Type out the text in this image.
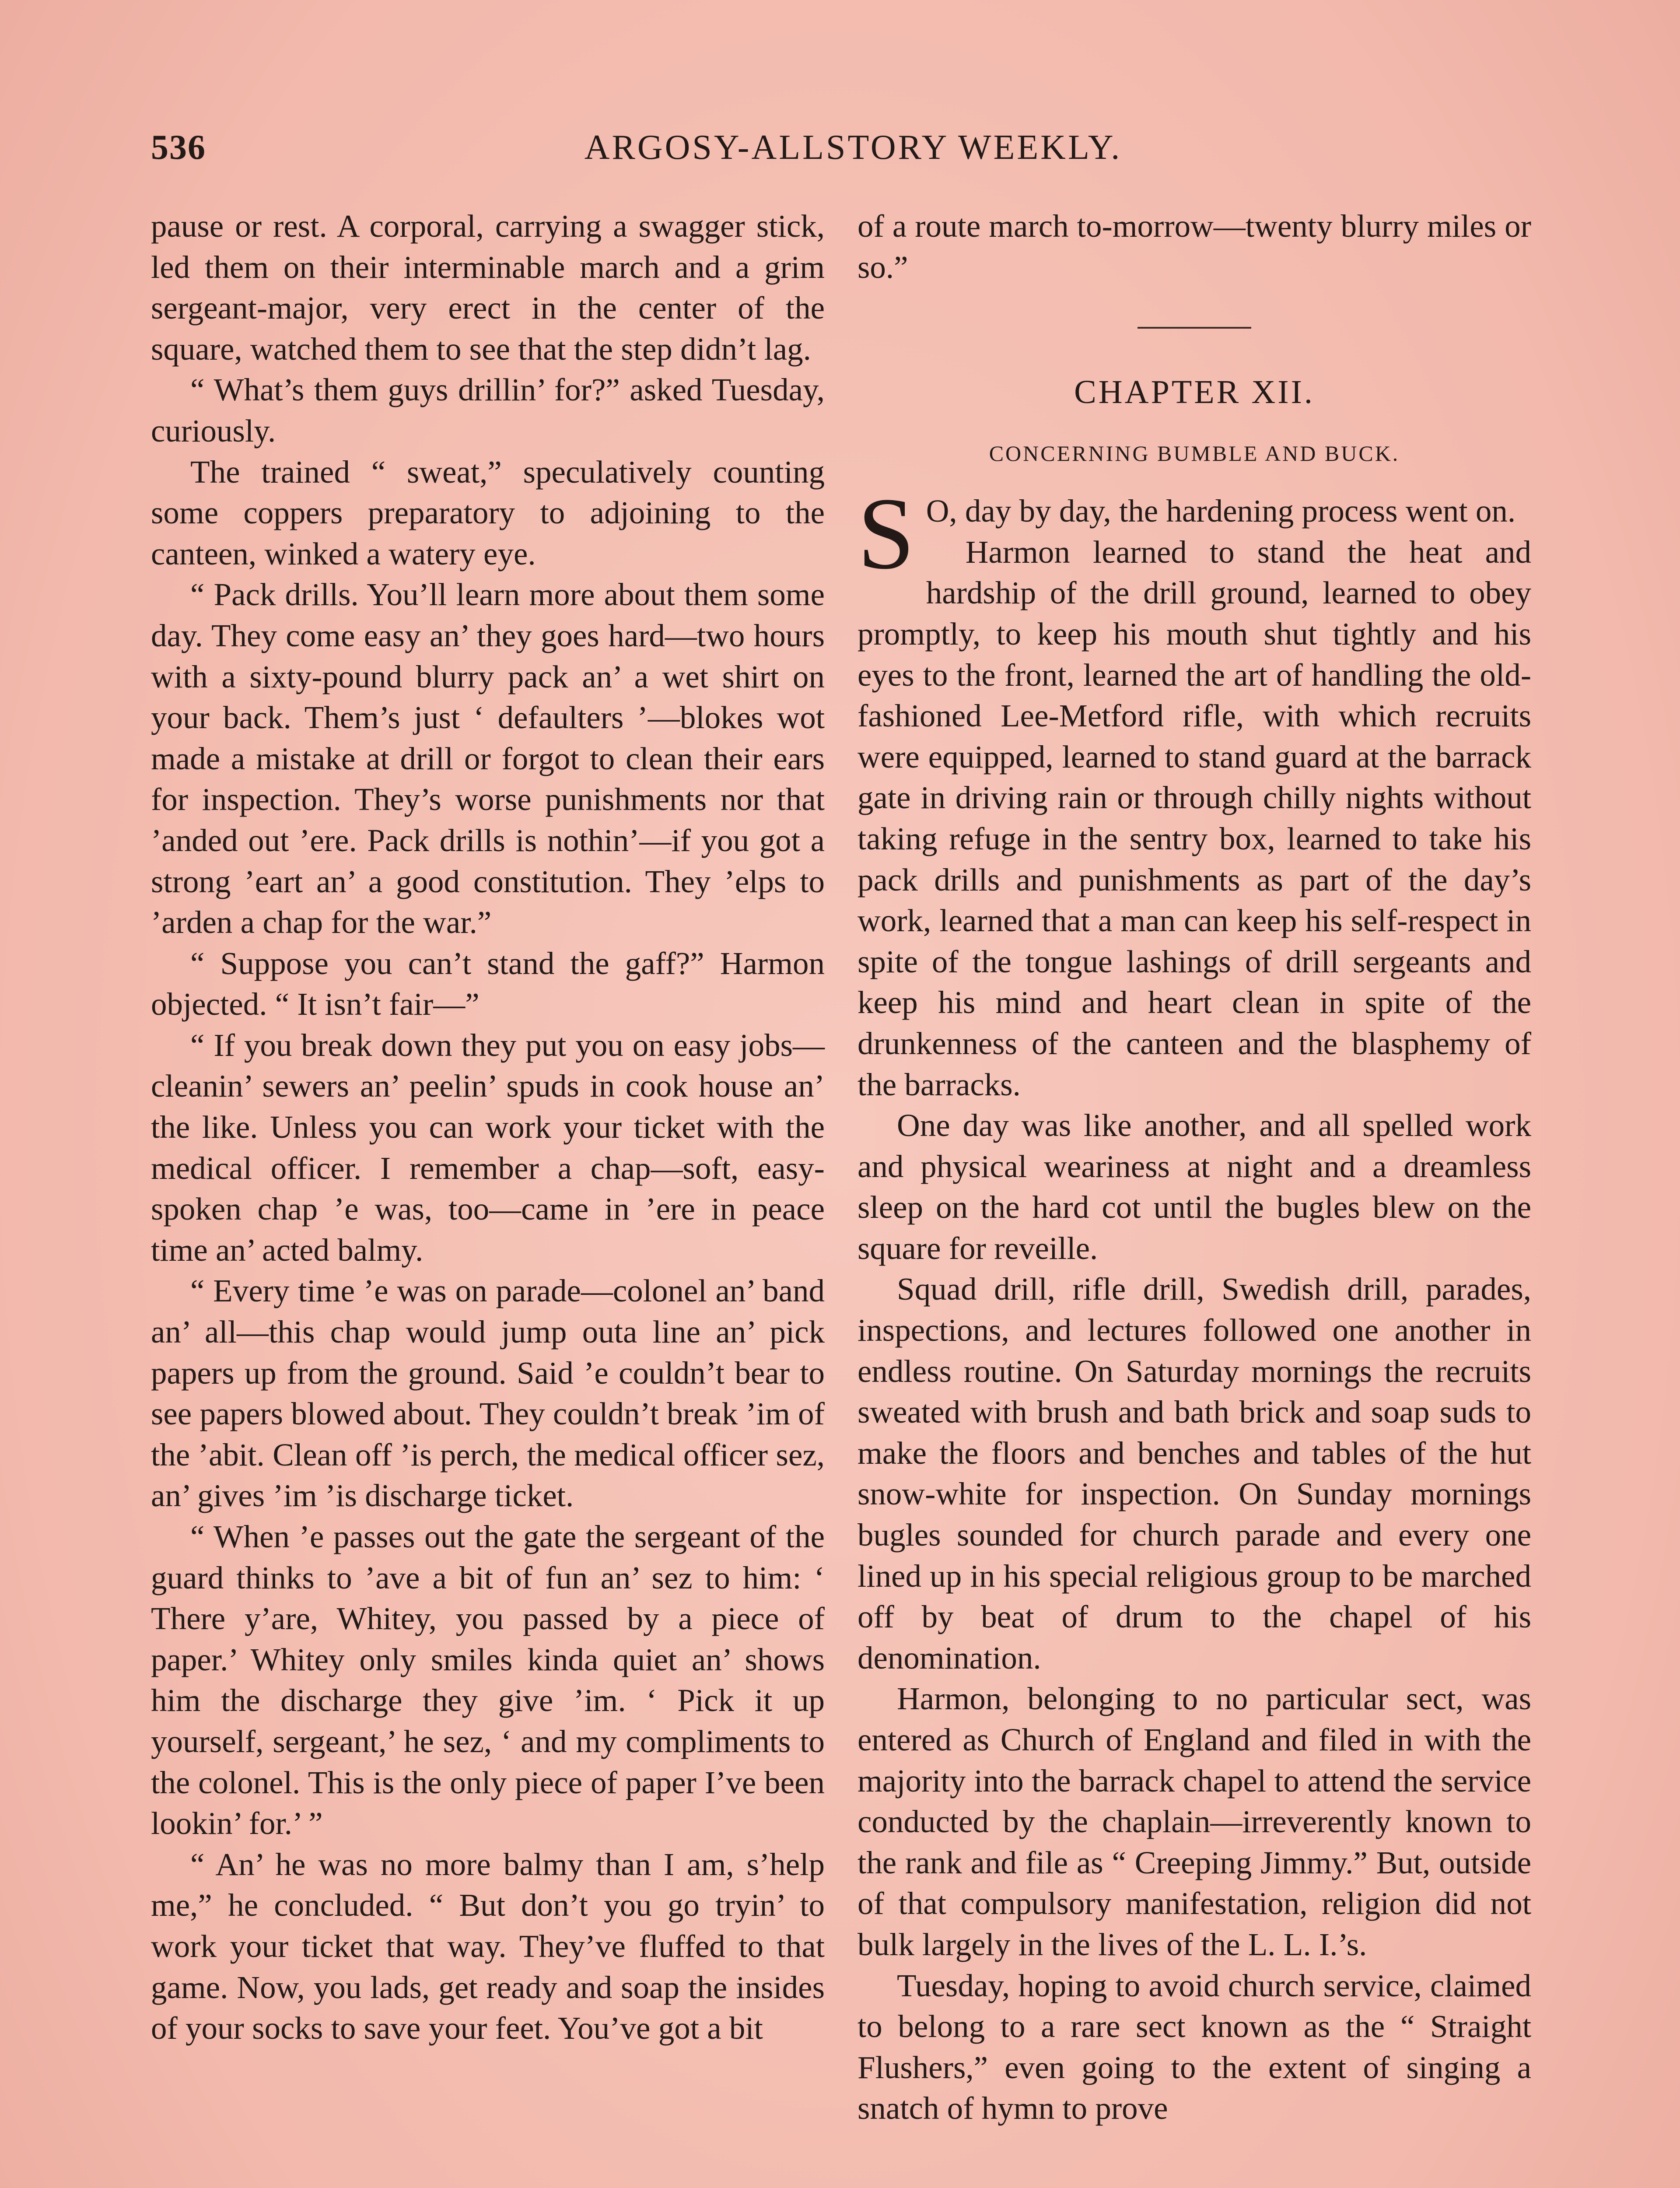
536	ARGOSY-ALLSTORY WEEKLY.

pause or rest. A corporal, carrying a swagger stick, led them on their interminable march and a grim sergeant-major, very erect in the center of the square, watched them to see that the step didn’t lag.

“ What’s them guys drillin’ for?” asked Tuesday, curiously.

The trained “ sweat,” speculatively counting some coppers preparatory to adjoining to the canteen, winked a watery eye.

“ Pack drills. You’ll learn more about them some day. They come easy an’ they goes hard—two hours with a sixty-pound blurry pack an’ a wet shirt on your back. Them’s just ‘ defaulters ’—blokes wot made a mistake at drill or forgot to clean their ears for inspection. They’s worse punishments nor that ’anded out ’ere. Pack drills is nothin’—if you got a strong ’eart an’ a good constitution. They ’elps to ’arden a chap for the war.”

“ Suppose you can’t stand the gaff?” Harmon objected. “ It isn’t fair—”

“ If you break down they put you on easy jobs—cleanin’ sewers an’ peelin’ spuds in cook house an’ the like. Unless you can work your ticket with the medical officer. I remember a chap—soft, easy-spoken chap ’e was, too—came in ’ere in peace time an’ acted balmy.

“ Every time ’e was on parade—colonel an’ band an’ all—this chap would jump outa line an’ pick papers up from the ground. Said ’e couldn’t bear to see papers blowed about. They couldn’t break ’im of the ’abit. Clean off ’is perch, the medical officer sez, an’ gives ’im ’is discharge ticket.

“ When ’e passes out the gate the sergeant of the guard thinks to ’ave a bit of fun an’ sez to him: ‘ There y’are, Whitey, you passed by a piece of paper.’ Whitey only smiles kinda quiet an’ shows him the discharge they give ’im. ‘ Pick it up yourself, sergeant,’ he sez, ‘ and my compliments to the colonel. This is the only piece of paper I’ve been lookin’ for.’ ”

“ An’ he was no more balmy than I am, s’help me,” he concluded. “ But don’t you go tryin’ to work your ticket that way. They’ve fluffed to that game. Now, you lads, get ready and soap the insides of your socks to save your feet. You’ve got a bit

of a route march to-morrow—twenty blurry miles or so.”

CHAPTER XII.
CONCERNING BUMBLE AND BUCK.

S O, day by day, the hardening process went on.

Harmon learned to stand the heat and hardship of the drill ground, learned to obey promptly, to keep his mouth shut tightly and his eyes to the front, learned the art of handling the old-fashioned Lee-Metford rifle, with which recruits were equipped, learned to stand guard at the barrack gate in driving rain or through chilly nights without taking refuge in the sentry box, learned to take his pack drills and punishments as part of the day’s work, learned that a man can keep his self-respect in spite of the tongue lashings of drill sergeants and keep his mind and heart clean in spite of the drunkenness of the canteen and the blasphemy of the barracks.

One day was like another, and all spelled work and physical weariness at night and a dreamless sleep on the hard cot until the bugles blew on the square for reveille.

Squad drill, rifle drill, Swedish drill, parades, inspections, and lectures followed one another in endless routine. On Saturday mornings the recruits sweated with brush and bath brick and soap suds to make the floors and benches and tables of the hut snow-white for inspection. On Sunday mornings bugles sounded for church parade and every one lined up in his special religious group to be marched off by beat of drum to the chapel of his denomination.

Harmon, belonging to no particular sect, was entered as Church of England and filed in with the majority into the barrack chapel to attend the service conducted by the chaplain—irreverently known to the rank and file as “ Creeping Jimmy.” But, outside of that compulsory manifestation, religion did not bulk largely in the lives of the L. L. I.’s.

Tuesday, hoping to avoid church service, claimed to belong to a rare sect known as the “ Straight Flushers,” even going to the extent of singing a snatch of hymn to prove
